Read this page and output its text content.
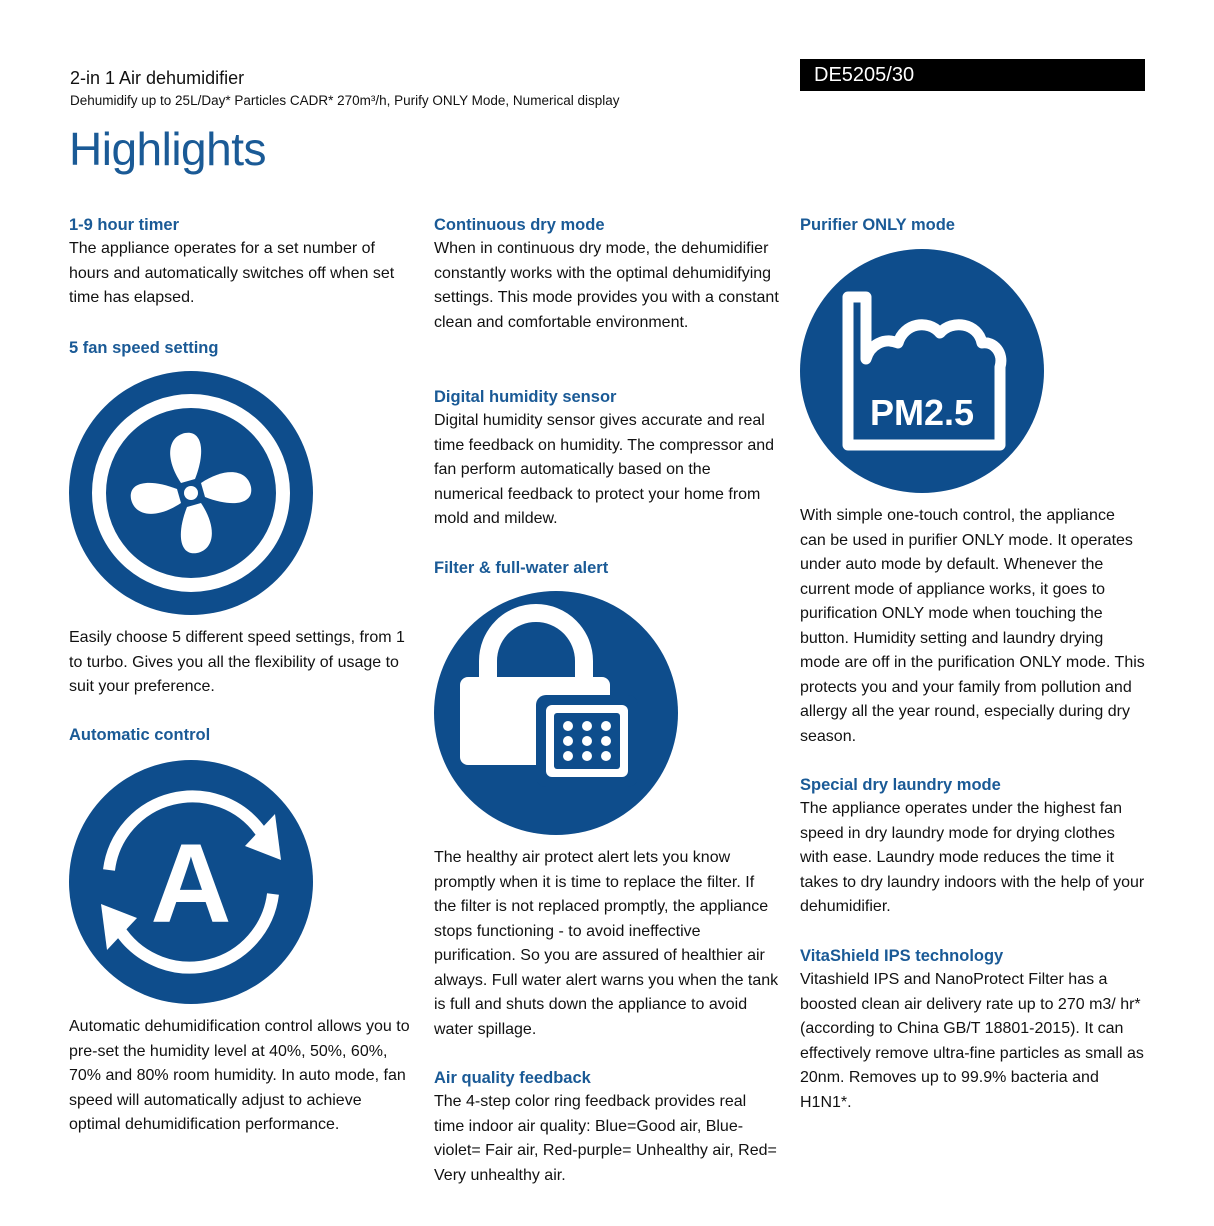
2-in 1 Air dehumidifier
Dehumidify up to 25L/Day* Particles CADR* 270m³/h, Purify ONLY Mode, Numerical display
DE5205/30
Highlights
1-9 hour timer
The appliance operates for a set number of hours and automatically switches off when set time has elapsed.
5 fan speed setting
Easily choose 5 different speed settings, from 1 to turbo. Gives you all the flexibility of usage to suit your preference.
Automatic control
A
Automatic dehumidification control allows you to pre-set the humidity level at 40%, 50%, 60%, 70% and 80% room humidity. In auto mode, fan speed will automatically adjust to achieve optimal dehumidification performance.
Continuous dry mode
When in continuous dry mode, the dehumidifier constantly works with the optimal dehumidifying settings. This mode provides you with a constant clean and comfortable environment.
Digital humidity sensor
Digital humidity sensor gives accurate and real time feedback on humidity. The compressor and fan perform automatically based on the numerical feedback to protect your home from mold and mildew.
Filter & full-water alert
The healthy air protect alert lets you know promptly when it is time to replace the filter. If the filter is not replaced promptly, the appliance stops functioning - to avoid ineffective purification. So you are assured of healthier air always. Full water alert warns you when the tank is full and shuts down the appliance to avoid water spillage.
Air quality feedback
The 4-step color ring feedback provides real time indoor air quality: Blue=Good air, Blue-violet= Fair air, Red-purple= Unhealthy air, Red= Very unhealthy air.
Purifier ONLY mode
PM2.5
With simple one-touch control, the appliance can be used in purifier ONLY mode. It operates under auto mode by default. Whenever the current mode of appliance works, it goes to purification ONLY mode when touching the button. Humidity setting and laundry drying mode are off in the purification ONLY mode. This protects you and your family from pollution and allergy all the year round, especially during dry season.
Special dry laundry mode
The appliance operates under the highest fan speed in dry laundry mode for drying clothes with ease. Laundry mode reduces the time it takes to dry laundry indoors with the help of your dehumidifier.
VitaShield IPS technology
Vitashield IPS and NanoProtect Filter has a boosted clean air delivery rate up to 270 m3/ hr* (according to China GB/T 18801-2015). It can effectively remove ultra-fine particles as small as 20nm. Removes up to 99.9% bacteria and H1N1*.
